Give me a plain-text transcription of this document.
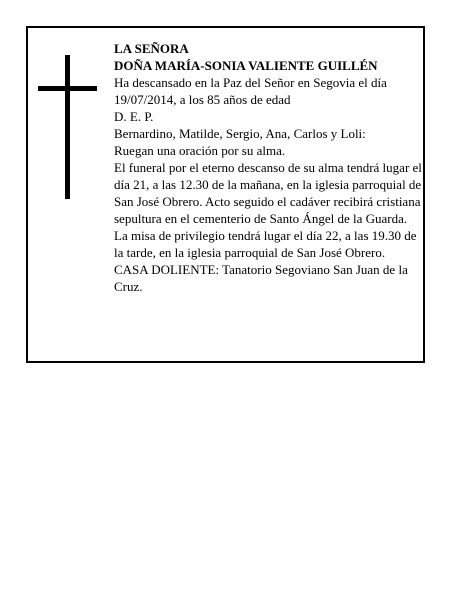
LA SEÑORA

DOÑA MARÍA-SONIA VALIENTE GUILLÉN

Ha descansado en la Paz del Señor en Segovia el día 19/07/2014, a los 85 años de edad

D. E. P.

Bernardino, Matilde, Sergio, Ana, Carlos y Loli:

Ruegan una oración por su alma.

El funeral por el eterno descanso de su alma tendrá lugar el día 21, a las 12.30 de la mañana, en la iglesia parroquial de San José Obrero. Acto seguido el cadáver recibirá cristiana sepultura en el cementerio de Santo Ángel de la Guarda. La misa de privilegio tendrá lugar el día 22, a las 19.30 de la tarde, en la iglesia parroquial de San José Obrero.

CASA DOLIENTE: Tanatorio Segoviano San Juan de la Cruz.
